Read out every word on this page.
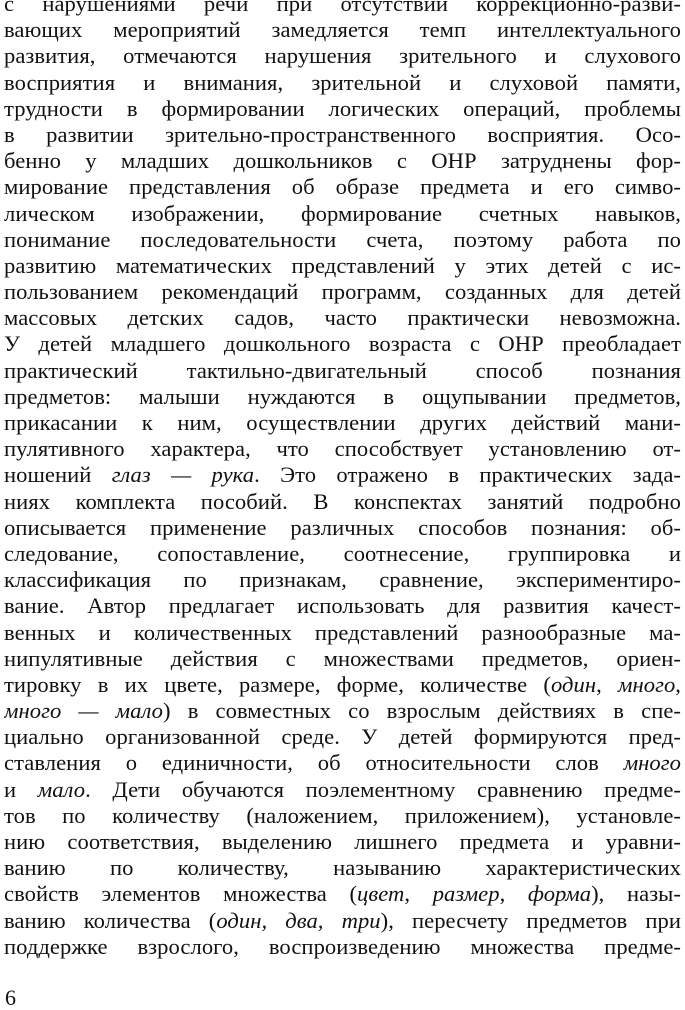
с нарушениями речи при отсутствии коррекционно-разви-
вающих мероприятий замедляется темп интеллектуального
развития, отмечаются нарушения зрительного и слухового
восприятия и внимания, зрительной и слуховой памяти,
трудности в формировании логических операций, проблемы
в развитии зрительно-пространственного восприятия. Осо-
бенно у младших дошкольников с ОНР затруднены фор-
мирование представления об образе предмета и его симво-
лическом изображении, формирование счетных навыков,
понимание последовательности счета, поэтому работа по
развитию математических представлений у этих детей с ис-
пользованием рекомендаций программ, созданных для детей
массовых детских садов, часто практически невозможна.
У детей младшего дошкольного возраста с ОНР преобладает
практический тактильно-двигательный способ познания
предметов: малыши нуждаются в ощупывании предметов,
прикасании к ним, осуществлении других действий мани-
пулятивного характера, что способствует установлению от-
ношений глаз — рука. Это отражено в практических зада-
ниях комплекта пособий. В конспектах занятий подробно
описывается применение различных способов познания: об-
следование, сопоставление, соотнесение, группировка и
классификация по признакам, сравнение, экспериментиро-
вание. Автор предлагает использовать для развития качест-
венных и количественных представлений разнообразные ма-
нипулятивные действия с множествами предметов, ориен-
тировку в их цвете, размере, форме, количестве (один, много,
много — мало) в совместных со взрослым действиях в спе-
циально организованной среде. У детей формируются пред-
ставления о единичности, об относительности слов много
и мало. Дети обучаются поэлементному сравнению предме-
тов по количеству (наложением, приложением), установле-
нию соответствия, выделению лишнего предмета и уравни-
ванию по количеству, называнию характеристических
свойств элементов множества (цвет, размер, форма), назы-
ванию количества (один, два, три), пересчету предметов при
поддержке взрослого, воспроизведению множества предме-
6
